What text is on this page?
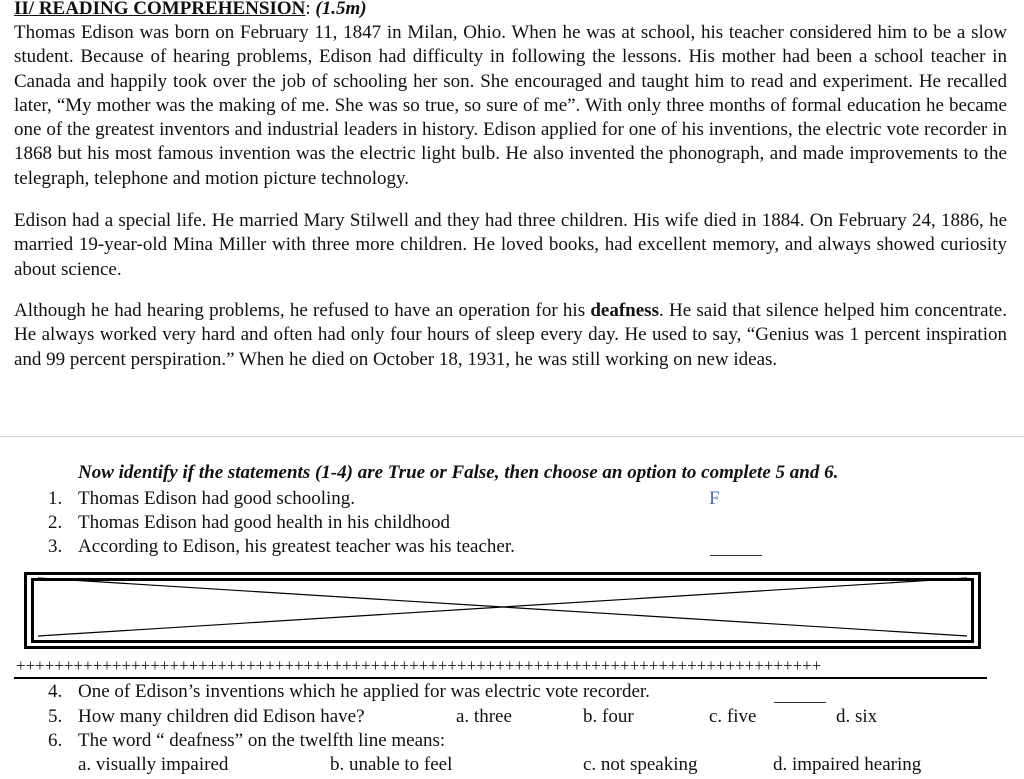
II/ READING COMPREHENSION: (1.5m)

Thomas Edison was born on February 11, 1847 in Milan, Ohio. When he was at school, his teacher considered him to be a slow student. Because of hearing problems, Edison had difficulty in following the lessons. His mother had been a school teacher in Canada and happily took over the job of schooling her son. She encouraged and taught him to read and experiment. He recalled later, “My mother was the making of me. She was so true, so sure of me”. With only three months of formal education he became one of the greatest inventors and industrial leaders in history. Edison applied for one of his inventions, the electric vote recorder in 1868 but his most famous invention was the electric light bulb. He also invented the phonograph, and made improvements to the telegraph, telephone and motion picture technology.

Edison had a special life. He married Mary Stilwell and they had three children. His wife died in 1884. On February 24, 1886, he married 19-year-old Mina Miller with three more children. He loved books, had excellent memory, and always showed curiosity about science.

Although he had hearing problems, he refused to have an operation for his deafness. He said that silence helped him concentrate. He always worked very hard and often had only four hours of sleep every day. He used to say, “Genius was 1 percent inspiration and 99 percent perspiration.” When he died on October 18, 1931, he was still working on new ideas.

Now identify if the statements (1-4) are True or False, then choose an option to complete 5 and 6.
1. Thomas Edison had good schooling.	F
2. Thomas Edison had good health in his childhood
3. According to Edison, his greatest teacher was his teacher.
++++++++++++++++++++++++++++++++++++++++++++++++++++++++++++++++++++++++++++++++++++
4. One of Edison’s inventions which he applied for was electric vote recorder.
5. How many children did Edison have?	a. three	b. four	c. five	d. six
6. The word “ deafness” on the twelfth line means:
a. visually impaired	b. unable to feel	c. not speaking	d. impaired hearing
